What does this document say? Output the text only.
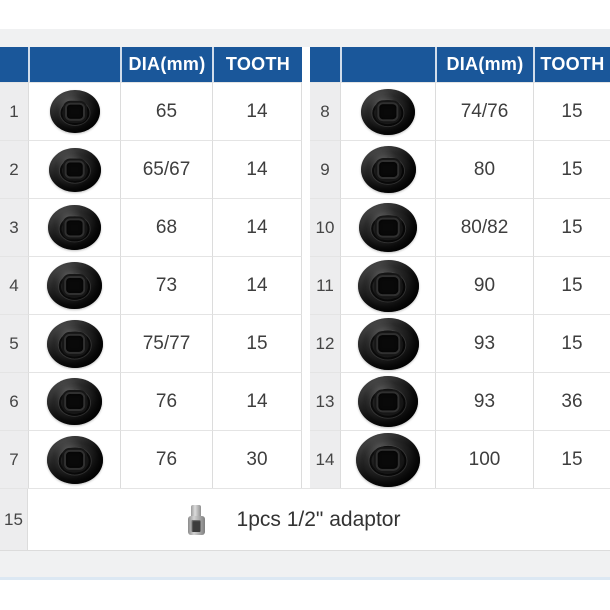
DIA(mm)	TOOTH
1	65	14
2	65/67	14
3	68	14
4	73	14
5	75/77	15
6	76	14
7	76	30
DIA(mm) TOOTH
8	74/76	15
9	80	15
10	80/82	15
11	90	15
12	93	15
13	93	36
14	100	15
15	1pcs 1/2" adaptor
